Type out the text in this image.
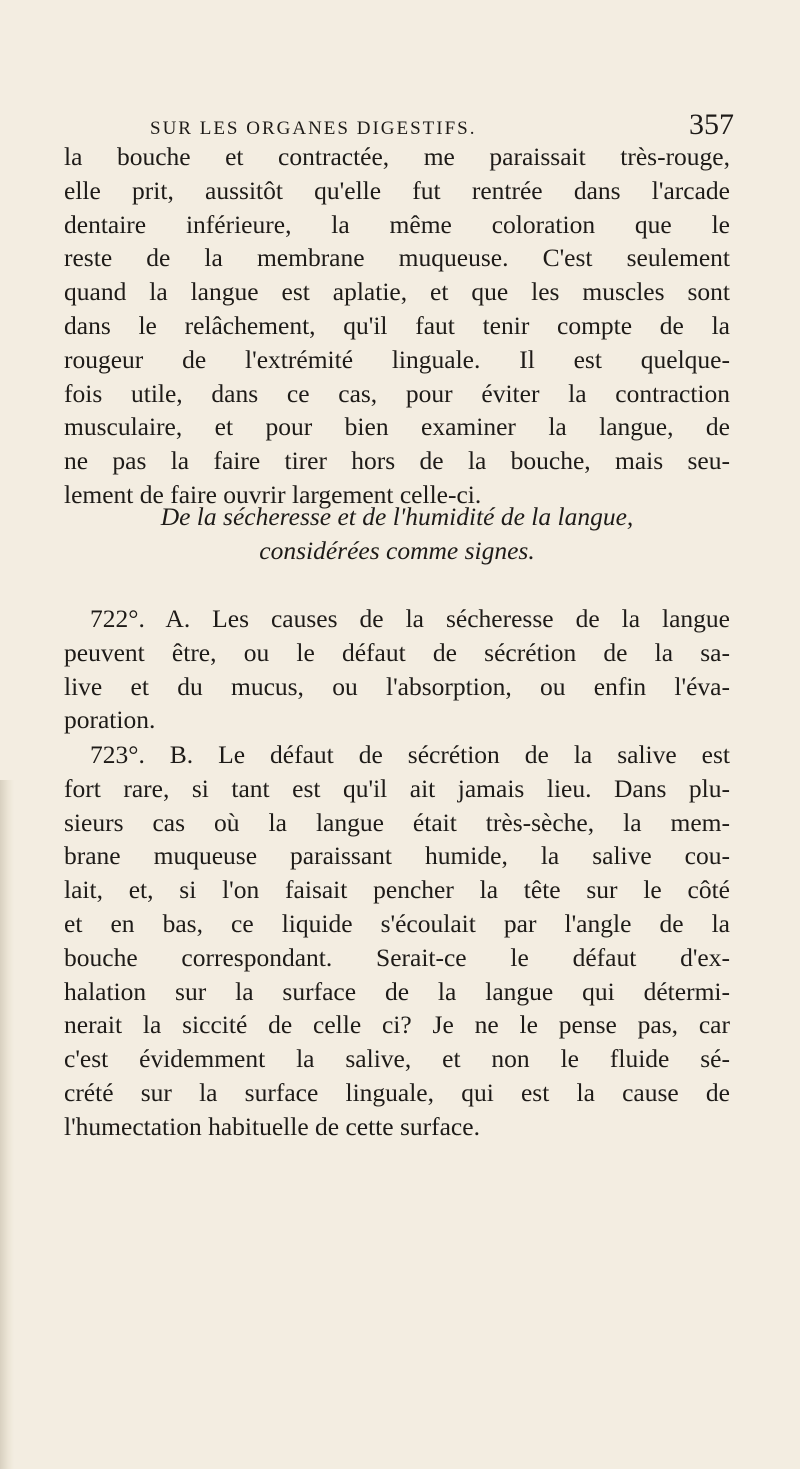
SUR LES ORGANES DIGESTIFS.	357
la bouche et contractée, me paraissait très-rouge,
elle prit, aussitôt qu'elle fut rentrée dans l'arcade
dentaire inférieure, la même coloration que le
reste de la membrane muqueuse. C'est seulement
quand la langue est aplatie, et que les muscles sont
dans le relâchement, qu'il faut tenir compte de la
rougeur de l'extrémité linguale. Il est quelque-
fois utile, dans ce cas, pour éviter la contraction
musculaire, et pour bien examiner la langue, de
ne pas la faire tirer hors de la bouche, mais seu-
lement de faire ouvrir largement celle-ci.
De la sécheresse et de l'humidité de la langue,
considérées comme signes.
722°. A. Les causes de la sécheresse de la langue
peuvent être, ou le défaut de sécrétion de la sa-
live et du mucus, ou l'absorption, ou enfin l'éva-
poration.
723°. B. Le défaut de sécrétion de la salive est
fort rare, si tant est qu'il ait jamais lieu. Dans plu-
sieurs cas où la langue était très-sèche, la mem-
brane muqueuse paraissant humide, la salive cou-
lait, et, si l'on faisait pencher la tête sur le côté
et en bas, ce liquide s'écoulait par l'angle de la
bouche correspondant. Serait-ce le défaut d'ex-
halation sur la surface de la langue qui détermi-
nerait la siccité de celle ci? Je ne le pense pas, car
c'est évidemment la salive, et non le fluide sé-
crété sur la surface linguale, qui est la cause de
l'humectation habituelle de cette surface.
